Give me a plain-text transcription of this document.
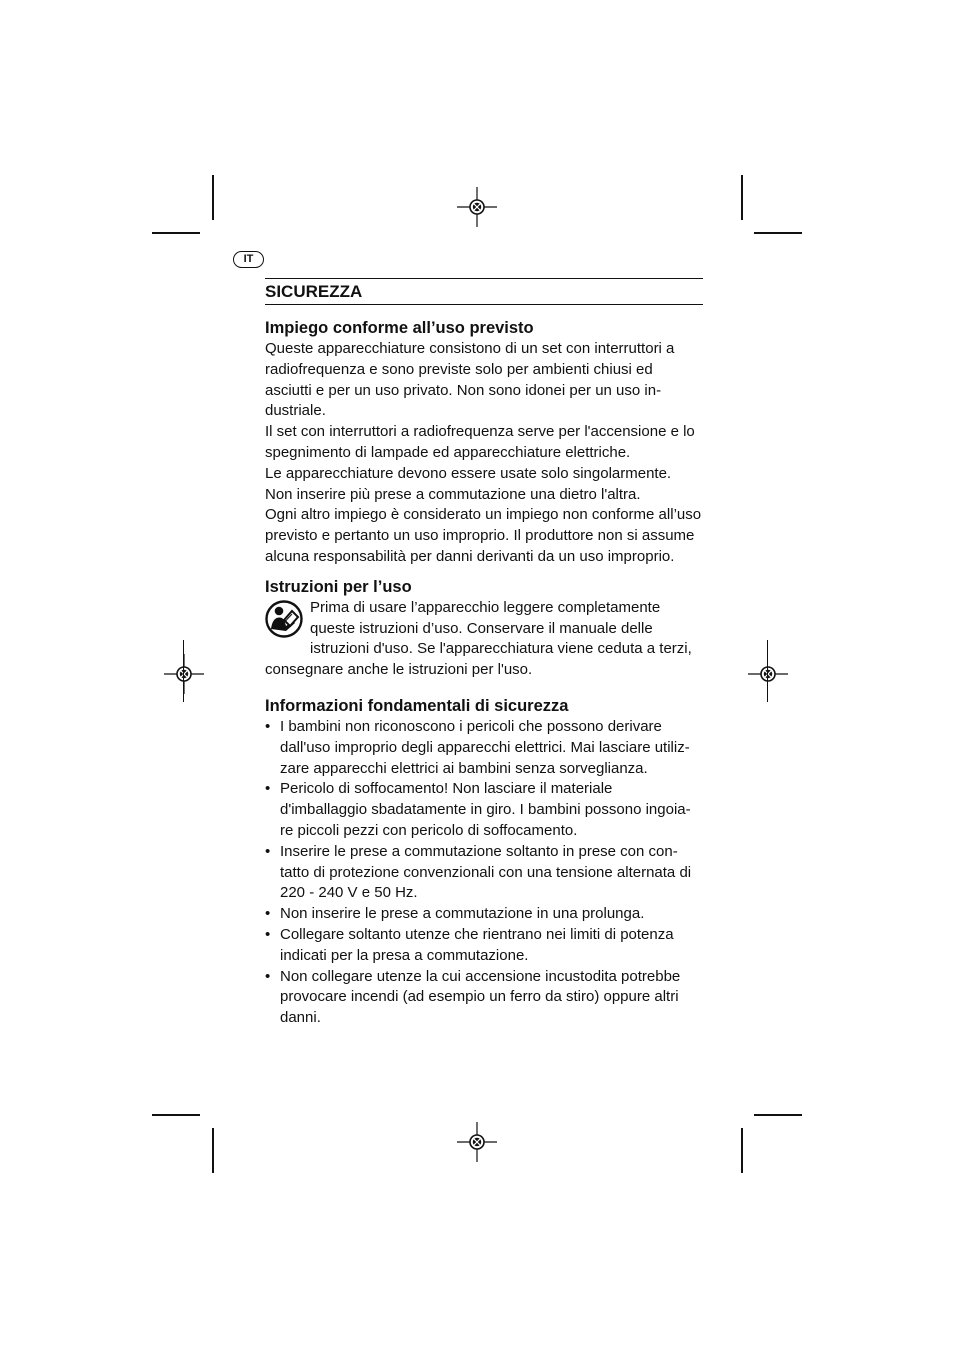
IT
SICUREZZA
Impiego conforme all’uso previsto

Queste apparecchiature consistono di un set con interruttori a radiofrequenza e sono previste solo per ambienti chiusi ed asciutti e per un uso privato. Non sono idonei per un uso in-dustriale.

Il set con interruttori a radiofrequenza serve per l'accensione e lo spegnimento di lampade ed apparecchiature elettriche.

Le apparecchiature devono essere usate solo singolarmente.

Non inserire più prese a commutazione una dietro l'altra.

Ogni altro impiego è considerato un impiego non conforme all’uso previsto e pertanto un uso improprio. Il produttore non si assume alcuna responsabilità per danni derivanti da un uso improprio.

Istruzioni per l’uso

Prima di usare l’apparecchio leggere completamente

queste istruzioni d’uso. Conservare il manuale delle

istruzioni d'uso. Se l'apparecchiatura viene ceduta a terzi,

consegnare anche le istruzioni per l'uso.

Informazioni fondamentali di sicurezza
• I bambini non riconoscono i pericoli che possono derivare dall'uso improprio degli apparecchi elettrici. Mai lasciare utiliz-zare apparecchi elettrici ai bambini senza sorveglianza.
• Pericolo di soffocamento! Non lasciare il materiale d'imballaggio sbadatamente in giro. I bambini possono ingoia-re piccoli pezzi con pericolo di soffocamento.
• Inserire le prese a commutazione soltanto in prese con con-tatto di protezione convenzionali con una tensione alternata di 220 - 240 V e 50 Hz.
• Non inserire le prese a commutazione in una prolunga.
• Collegare soltanto utenze che rientrano nei limiti di potenza indicati per la presa a commutazione.
• Non collegare utenze la cui accensione incustodita potrebbe provocare incendi (ad esempio un ferro da stiro) oppure altri danni.
